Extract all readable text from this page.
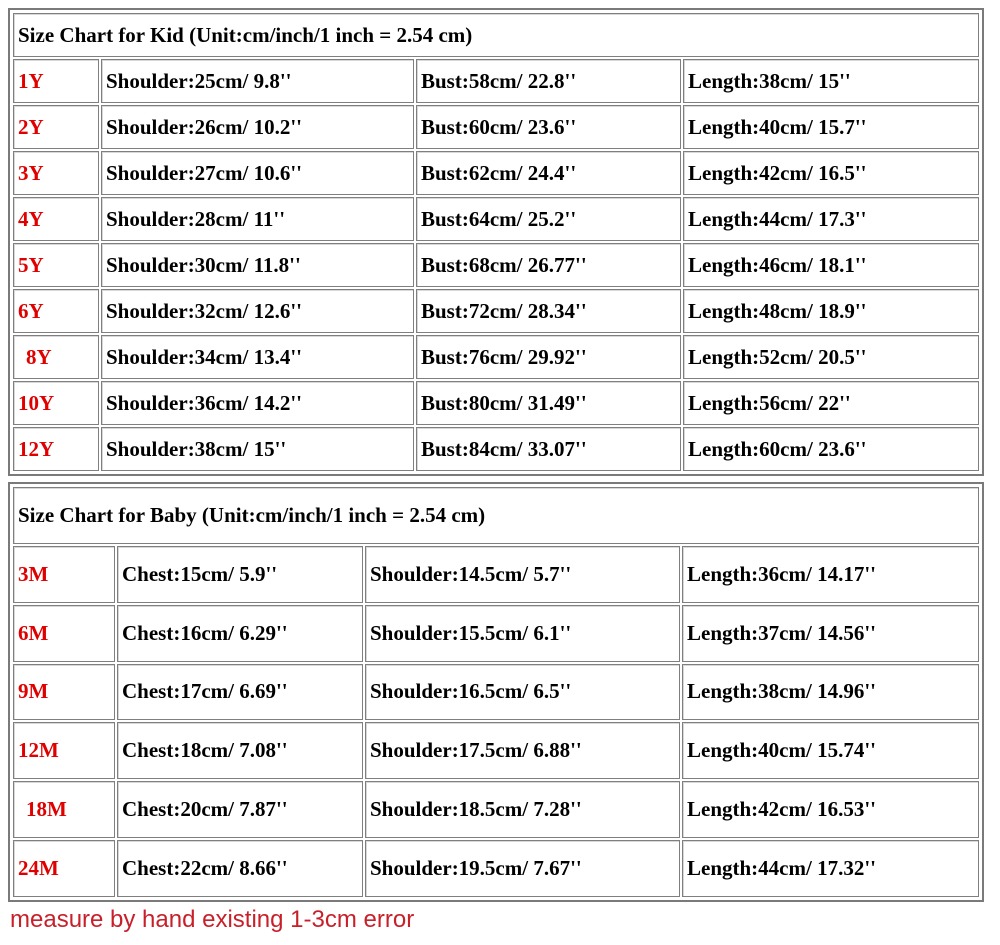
Size Chart for Kid (Unit:cm/inch/1 inch = 2.54 cm)			
1Y	Shoulder:25cm/ 9.8''	Bust:58cm/ 22.8''	Length:38cm/ 15''
2Y	Shoulder:26cm/ 10.2''	Bust:60cm/ 23.6''	Length:40cm/ 15.7''
3Y	Shoulder:27cm/ 10.6''	Bust:62cm/ 24.4''	Length:42cm/ 16.5''
4Y	Shoulder:28cm/ 11''	Bust:64cm/ 25.2''	Length:44cm/ 17.3''
5Y	Shoulder:30cm/ 11.8''	Bust:68cm/ 26.77''	Length:46cm/ 18.1''
6Y	Shoulder:32cm/ 12.6''	Bust:72cm/ 28.34''	Length:48cm/ 18.9''
8Y	Shoulder:34cm/ 13.4''	Bust:76cm/ 29.92''	Length:52cm/ 20.5''
10Y	Shoulder:36cm/ 14.2''	Bust:80cm/ 31.49''	Length:56cm/ 22''
12Y	Shoulder:38cm/ 15''	Bust:84cm/ 33.07''	Length:60cm/ 23.6''
Size Chart for Baby (Unit:cm/inch/1 inch = 2.54 cm)			
3M	Chest:15cm/ 5.9''	Shoulder:14.5cm/ 5.7''	Length:36cm/ 14.17''
6M	Chest:16cm/ 6.29''	Shoulder:15.5cm/ 6.1''	Length:37cm/ 14.56''
9M	Chest:17cm/ 6.69''	Shoulder:16.5cm/ 6.5''	Length:38cm/ 14.96''
12M	Chest:18cm/ 7.08''	Shoulder:17.5cm/ 6.88''	Length:40cm/ 15.74''
18M	Chest:20cm/ 7.87''	Shoulder:18.5cm/ 7.28''	Length:42cm/ 16.53''
24M	Chest:22cm/ 8.66''	Shoulder:19.5cm/ 7.67''	Length:44cm/ 17.32''
measure by hand existing 1-3cm error
